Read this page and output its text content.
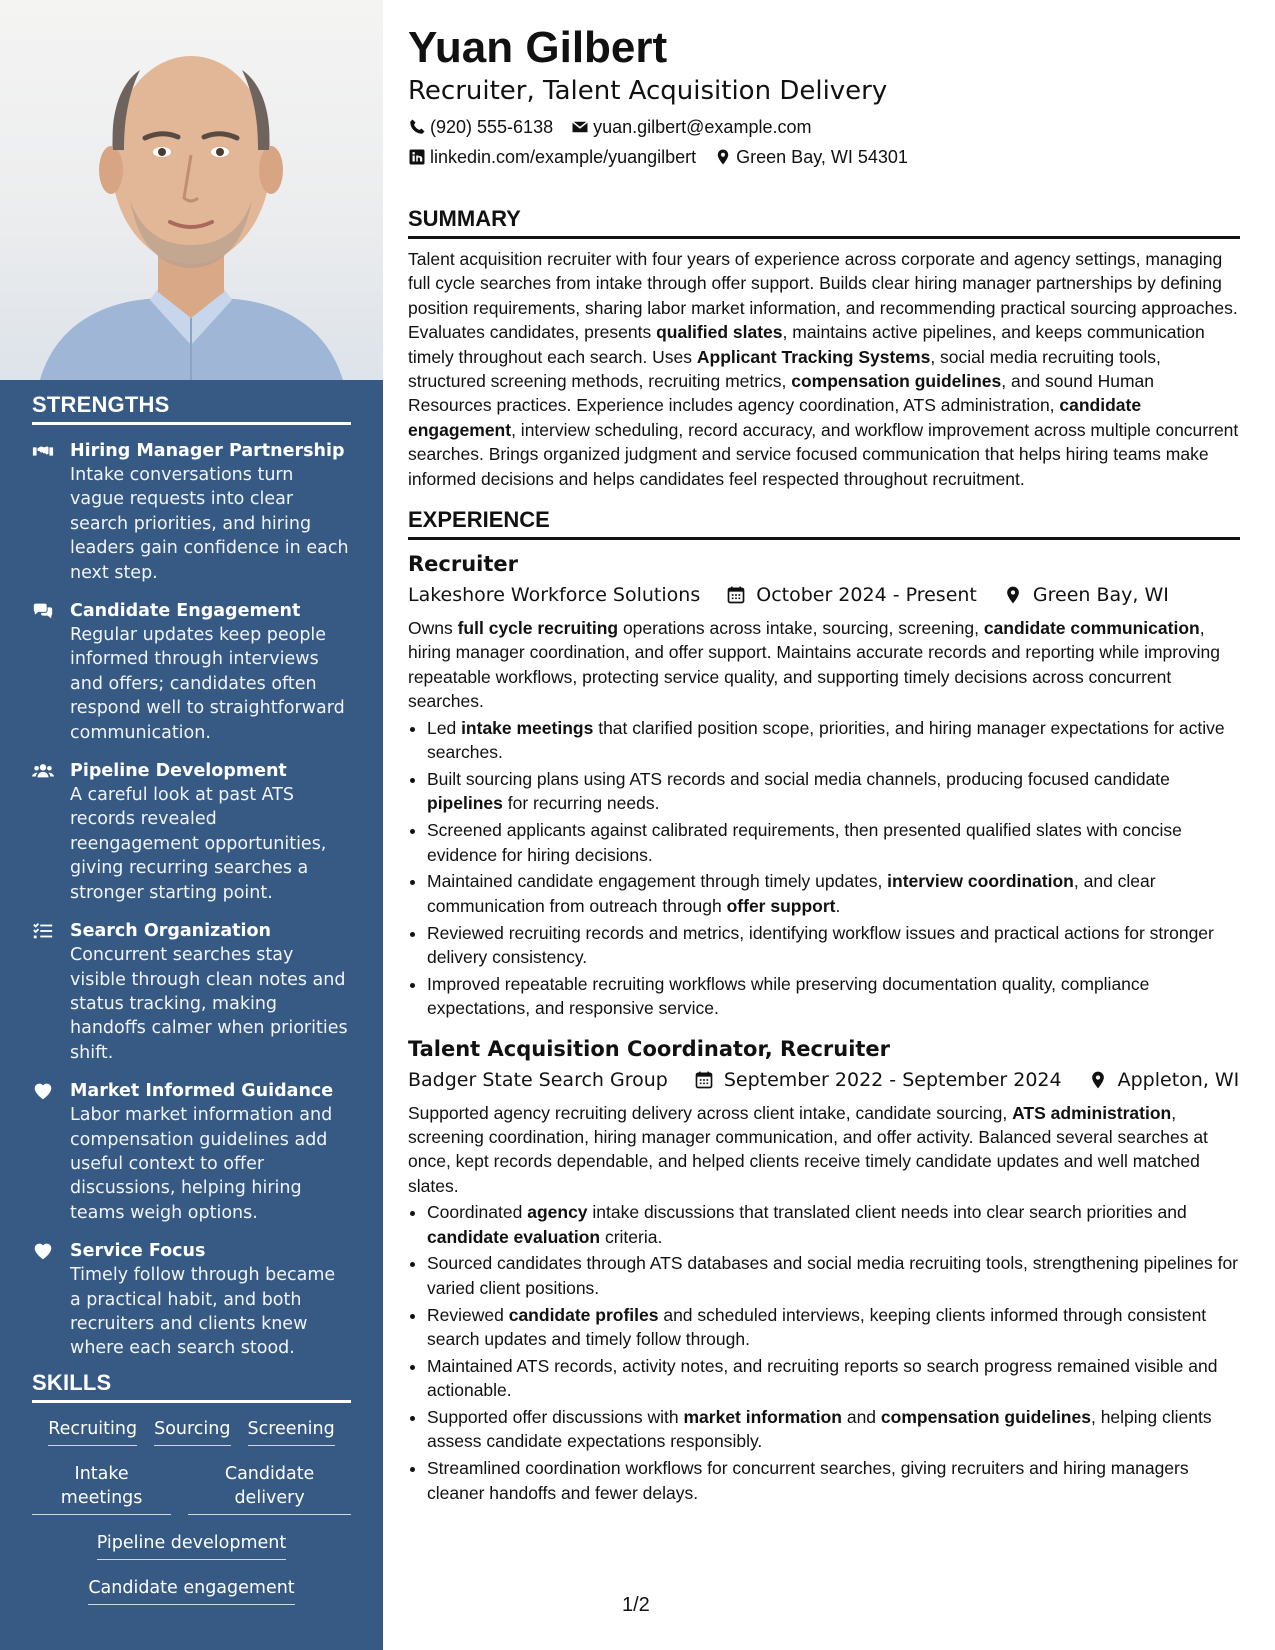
STRENGTHS
Hiring Manager Partnership
Intake conversations turn vague requests into clear search priorities, and hiring leaders gain confidence in each next step.
Candidate Engagement
Regular updates keep people informed through interviews and offers; candidates often respond well to straightforward communication.
Pipeline Development
A careful look at past ATS records revealed reengagement opportunities, giving recurring searches a stronger starting point.
Search Organization
Concurrent searches stay visible through clean notes and status tracking, making handoffs calmer when priorities shift.
Market Informed Guidance
Labor market information and compensation guidelines add useful context to offer discussions, helping hiring teams weigh options.
Service Focus
Timely follow through became a practical habit, and both recruiters and clients knew where each search stood.
SKILLS
Recruiting Sourcing Screening
Intake meetings
Candidate delivery
Pipeline development
Candidate engagement
Yuan Gilbert
Recruiter, Talent Acquisition Delivery
(920) 555-6138 yuan.gilbert@example.com
linkedin.com/example/yuangilbert Green Bay, WI 54301
SUMMARY

Talent acquisition recruiter with four years of experience across corporate and agency settings, managing full cycle searches from intake through offer support. Builds clear hiring manager partnerships by defining position requirements, sharing labor market information, and recommending practical sourcing approaches. Evaluates candidates, presents qualified slates, maintains active pipelines, and keeps communication timely throughout each search. Uses Applicant Tracking Systems, social media recruiting tools, structured screening methods, recruiting metrics, compensation guidelines, and sound Human Resources practices. Experience includes agency coordination, ATS administration, candidate engagement, interview scheduling, record accuracy, and workflow improvement across multiple concurrent searches. Brings organized judgment and service focused communication that helps hiring teams make informed decisions and helps candidates feel respected throughout recruitment.

EXPERIENCE
Recruiter
Lakeshore Workforce Solutions	October 2024 - Present	Green Bay, WI

Owns full cycle recruiting operations across intake, sourcing, screening, candidate communication, hiring manager coordination, and offer support. Maintains accurate records and reporting while improving repeatable workflows, protecting service quality, and supporting timely decisions across concurrent searches.

• Led intake meetings that clarified position scope, priorities, and hiring manager expectations for active searches.
• Built sourcing plans using ATS records and social media channels, producing focused candidate pipelines for recurring needs.
• Screened applicants against calibrated requirements, then presented qualified slates with concise evidence for hiring decisions.
• Maintained candidate engagement through timely updates, interview coordination, and clear communication from outreach through offer support.
• Reviewed recruiting records and metrics, identifying workflow issues and practical actions for stronger delivery consistency.
• Improved repeatable recruiting workflows while preserving documentation quality, compliance expectations, and responsive service.
Talent Acquisition Coordinator, Recruiter
Badger State Search Group	September 2022 - September 2024	Appleton, WI

Supported agency recruiting delivery across client intake, candidate sourcing, ATS administration, screening coordination, hiring manager communication, and offer activity. Balanced several searches at once, kept records dependable, and helped clients receive timely candidate updates and well matched slates.

• Coordinated agency intake discussions that translated client needs into clear search priorities and candidate evaluation criteria.
• Sourced candidates through ATS databases and social media recruiting tools, strengthening pipelines for varied client positions.
• Reviewed candidate profiles and scheduled interviews, keeping clients informed through consistent search updates and timely follow through.
• Maintained ATS records, activity notes, and recruiting reports so search progress remained visible and actionable.
• Supported offer discussions with market information and compensation guidelines, helping clients assess candidate expectations responsibly.
• Streamlined coordination workflows for concurrent searches, giving recruiters and hiring managers cleaner handoffs and fewer delays.
1/2
